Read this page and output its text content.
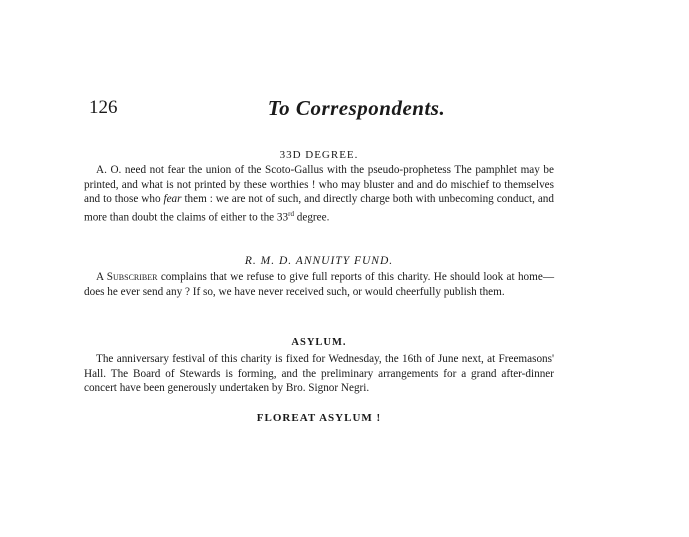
126	To Correspondents.
33D DEGREE.

A. O. need not fear the union of the Scoto-Gallus with the pseudo-prophetess The pamphlet may be printed, and what is not printed by these worthies ! who may bluster and and do mischief to themselves and to those who fear them : we are not of such, and directly charge both with unbecoming conduct, and more than doubt the claims of either to the 33rd degree.

R. M. D. ANNUITY FUND.

A Subscriber complains that we refuse to give full reports of this charity. He should look at home—does he ever send any ? If so, we have never received such, or would cheerfully publish them.

ASYLUM.

The anniversary festival of this charity is fixed for Wednesday, the 16th of June next, at Freemasons' Hall. The Board of Stewards is forming, and the preliminary arrangements for a grand after-dinner concert have been generously undertaken by Bro. Signor Negri.

FLOREAT ASYLUM !
